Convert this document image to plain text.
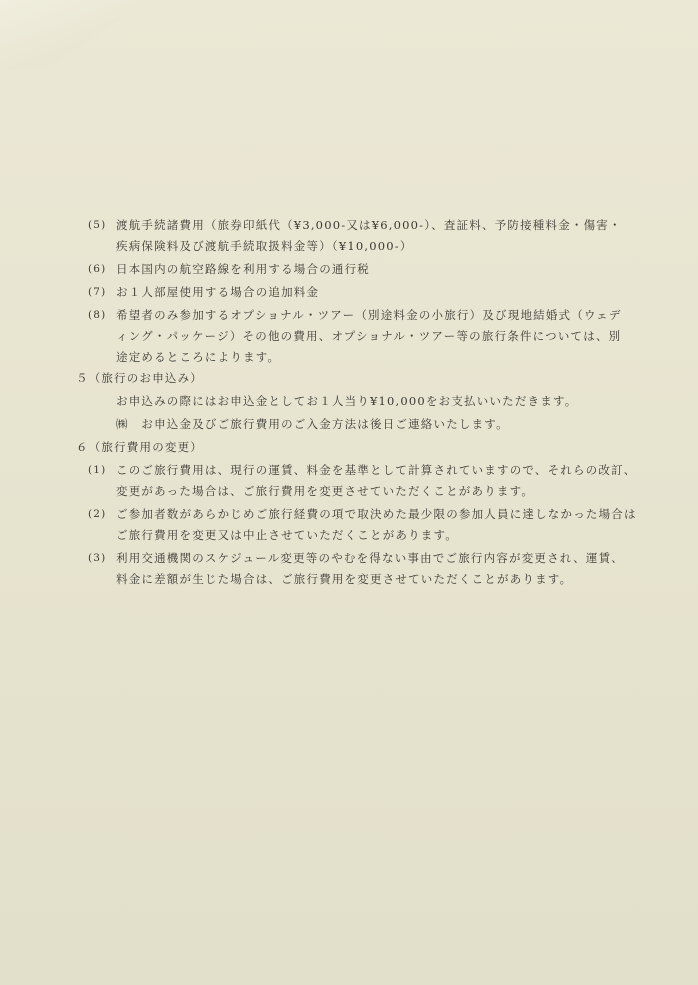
(5) 渡航手続諸費用（旅券印紙代（¥3,000-又は¥6,000-）、査証料、予防接種料金・傷害・
疾病保険料及び渡航手続取扱料金等）（¥10,000-）
(6) 日本国内の航空路線を利用する場合の通行税
(7) お１人部屋使用する場合の追加料金
(8) 希望者のみ参加するオプショナル・ツアー（別途料金の小旅行）及び現地結婚式（ウェデ
ィング・パッケージ）その他の費用、オプショナル・ツアー等の旅行条件については、別
途定めるところによります。
５（旅行のお申込み）
お申込みの際にはお申込金としてお１人当り¥10,000をお支払いいただきます。
㈱　お申込金及びご旅行費用のご入金方法は後日ご連絡いたします。
６（旅行費用の変更）
(1) このご旅行費用は、現行の運賃、料金を基準として計算されていますので、それらの改訂、
変更があった場合は、ご旅行費用を変更させていただくことがあります。
(2) ご参加者数があらかじめご旅行経費の項で取決めた最少限の参加人員に達しなかった場合は
ご旅行費用を変更又は中止させていただくことがあります。
(3) 利用交通機関のスケジュール変更等のやむを得ない事由でご旅行内容が変更され、運賃、
料金に差額が生じた場合は、ご旅行費用を変更させていただくことがあります。
